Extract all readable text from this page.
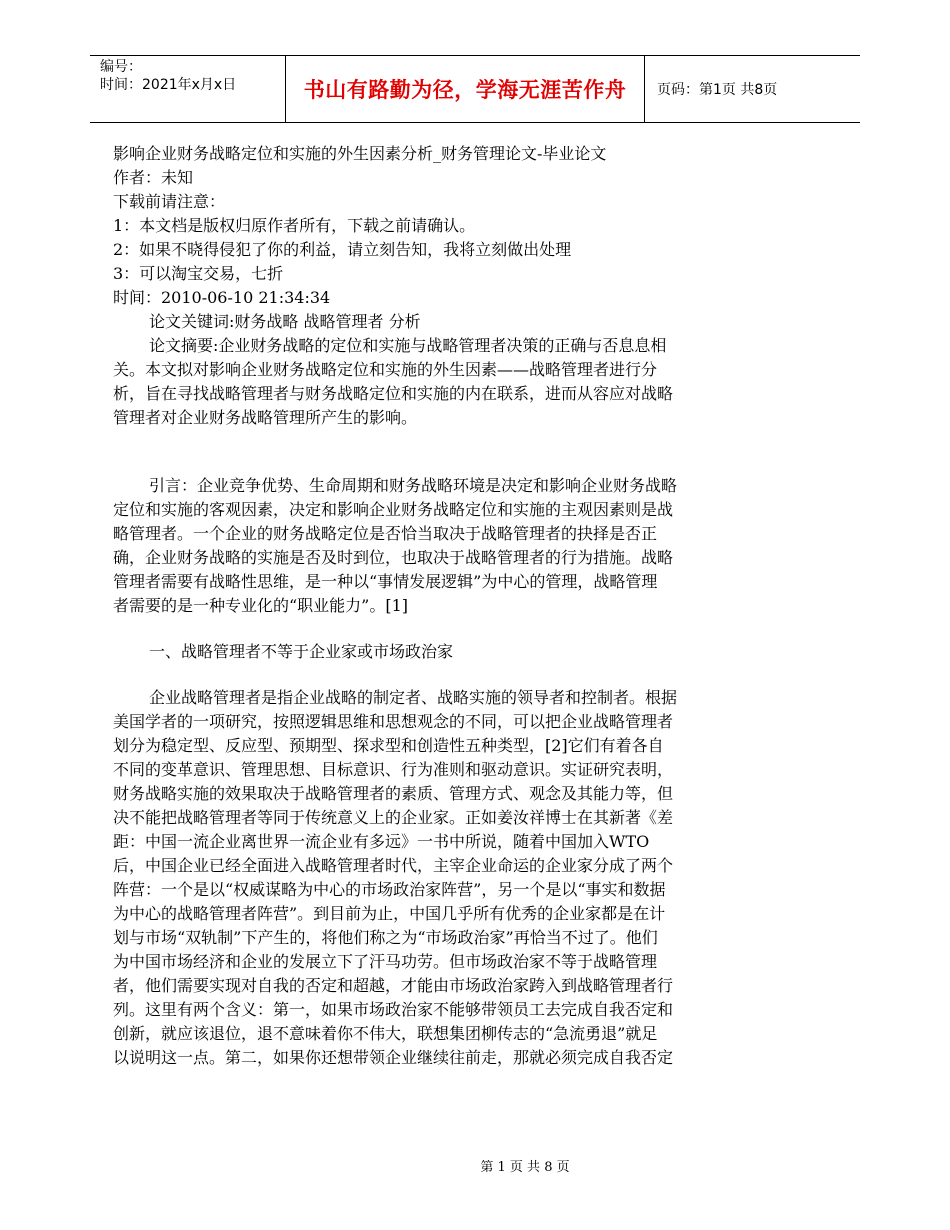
编号：
时间：2021年x月x日	书山有路勤为径，学海无涯苦作舟	页码：第1页 共8页
影响企业财务战略定位和实施的外生因素分析_财务管理论文-毕业论文
作者：未知
下载前请注意：
1：本文档是版权归原作者所有，下载之前请确认。
2：如果不晓得侵犯了你的利益，请立刻告知，我将立刻做出处理
3：可以淘宝交易，七折
时间：2010-06-10 21:34:34
论文关键词:财务战略 战略管理者 分析
论文摘要:企业财务战略的定位和实施与战略管理者决策的正确与否息息相
关。本文拟对影响企业财务战略定位和实施的外生因素——战略管理者进行分
析，旨在寻找战略管理者与财务战略定位和实施的内在联系，进而从容应对战略
管理者对企业财务战略管理所产生的影响。
引言：企业竞争优势、生命周期和财务战略环境是决定和影响企业财务战略
定位和实施的客观因素，决定和影响企业财务战略定位和实施的主观因素则是战
略管理者。一个企业的财务战略定位是否恰当取决于战略管理者的抉择是否正
确，企业财务战略的实施是否及时到位，也取决于战略管理者的行为措施。战略
管理者需要有战略性思维，是一种以“事情发展逻辑”为中心的管理，战略管理
者需要的是一种专业化的“职业能力”。[1]
一、战略管理者不等于企业家或市场政治家
企业战略管理者是指企业战略的制定者、战略实施的领导者和控制者。根据
美国学者的一项研究，按照逻辑思维和思想观念的不同，可以把企业战略管理者
划分为稳定型、反应型、预期型、探求型和创造性五种类型，[2]它们有着各自
不同的变革意识、管理思想、目标意识、行为准则和驱动意识。实证研究表明，
财务战略实施的效果取决于战略管理者的素质、管理方式、观念及其能力等，但
决不能把战略管理者等同于传统意义上的企业家。正如姜汝祥博士在其新著《差
距：中国一流企业离世界一流企业有多远》一书中所说，随着中国加入WTO
后，中国企业已经全面进入战略管理者时代，主宰企业命运的企业家分成了两个
阵营：一个是以“权威谋略为中心的市场政治家阵营”，另一个是以“事实和数据
为中心的战略管理者阵营”。到目前为止，中国几乎所有优秀的企业家都是在计
划与市场“双轨制”下产生的，将他们称之为“市场政治家”再恰当不过了。他们
为中国市场经济和企业的发展立下了汗马功劳。但市场政治家不等于战略管理
者，他们需要实现对自我的否定和超越，才能由市场政治家跨入到战略管理者行
列。这里有两个含义：第一，如果市场政治家不能够带领员工去完成自我否定和
创新，就应该退位，退不意味着你不伟大，联想集团柳传志的“急流勇退”就足
以说明这一点。第二，如果你还想带领企业继续往前走，那就必须完成自我否定
第 1 页 共 8 页
